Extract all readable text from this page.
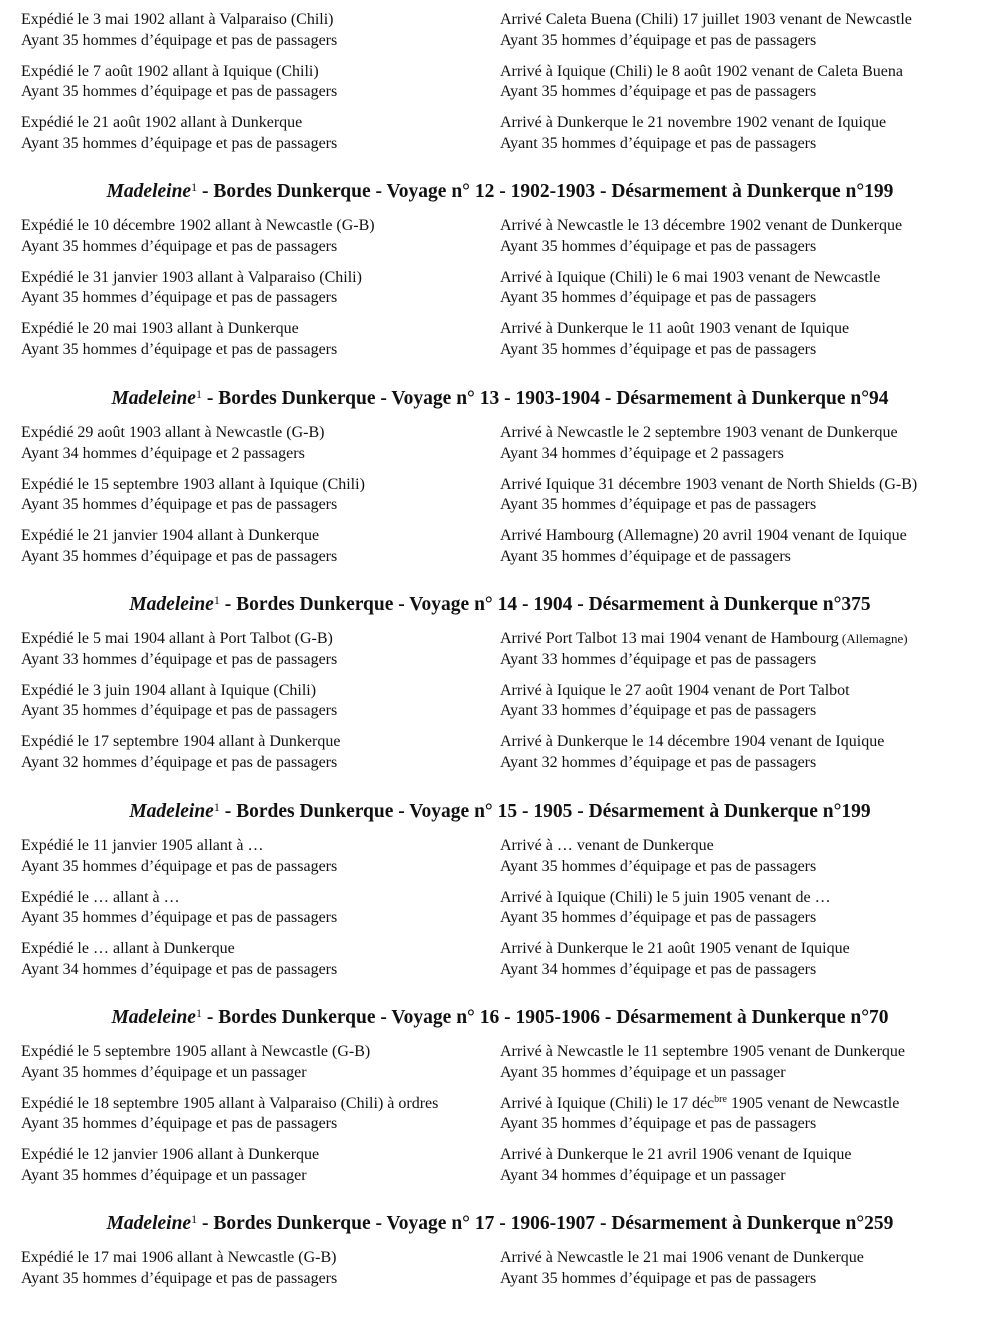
Expédié le 3 mai 1902 allant à Valparaiso (Chili)
Ayant 35 hommes d’équipage et pas de passagers
Arrivé Caleta Buena (Chili) 17 juillet 1903 venant de Newcastle
Ayant 35 hommes d’équipage et pas de passagers
Expédié le 7 août 1902 allant à Iquique (Chili)
Ayant 35 hommes d’équipage et pas de passagers
Arrivé à Iquique (Chili) le 8 août 1902 venant de Caleta Buena
Ayant 35 hommes d’équipage et pas de passagers
Expédié le 21 août 1902 allant à Dunkerque
Ayant 35 hommes d’équipage et pas de passagers
Arrivé à Dunkerque le 21 novembre 1902 venant de Iquique
Ayant 35 hommes d’équipage et pas de passagers
Madeleine$^1$ - Bordes Dunkerque - Voyage n° 12 - 1902-1903 - Désarmement à Dunkerque n°199
Expédié le 10 décembre 1902 allant à Newcastle (G-B)
Ayant 35 hommes d’équipage et pas de passagers
Arrivé à Newcastle le 13 décembre 1902 venant de Dunkerque
Ayant 35 hommes d’équipage et pas de passagers
Expédié le 31 janvier 1903 allant à Valparaiso (Chili)
Ayant 35 hommes d’équipage et pas de passagers
Arrivé à Iquique (Chili) le 6 mai 1903 venant de Newcastle
Ayant 35 hommes d’équipage et pas de passagers
Expédié le 20 mai 1903 allant à Dunkerque
Ayant 35 hommes d’équipage et pas de passagers
Arrivé à Dunkerque le 11 août 1903 venant de Iquique
Ayant 35 hommes d’équipage et pas de passagers
Madeleine$^1$ - Bordes Dunkerque - Voyage n° 13 - 1903-1904 - Désarmement à Dunkerque n°94
Expédié 29 août 1903 allant à Newcastle (G-B)
Ayant 34 hommes d’équipage et 2 passagers
Arrivé à Newcastle le 2 septembre 1903 venant de Dunkerque
Ayant 34 hommes d’équipage et 2 passagers
Expédié le 15 septembre 1903 allant à Iquique (Chili)
Ayant 35 hommes d’équipage et pas de passagers
Arrivé Iquique 31 décembre 1903 venant de North Shields (G-B)
Ayant 35 hommes d’équipage et pas de passagers
Expédié le 21 janvier 1904 allant à Dunkerque
Ayant 35 hommes d’équipage et pas de passagers
Arrivé Hambourg (Allemagne) 20 avril 1904 venant de Iquique
Ayant 35 hommes d’équipage et de passagers
Madeleine$^1$ - Bordes Dunkerque - Voyage n° 14 - 1904 - Désarmement à Dunkerque n°375
Expédié le 5 mai 1904 allant à Port Talbot (G-B)
Ayant 33 hommes d’équipage et pas de passagers
Arrivé Port Talbot 13 mai 1904 venant de Hambourg (Allemagne)
Ayant 33 hommes d’équipage et pas de passagers
Expédié le 3 juin 1904 allant à Iquique (Chili)
Ayant 35 hommes d’équipage et pas de passagers
Arrivé à Iquique le 27 août 1904 venant de Port Talbot
Ayant 33 hommes d’équipage et pas de passagers
Expédié le 17 septembre 1904 allant à Dunkerque
Ayant 32 hommes d’équipage et pas de passagers
Arrivé à Dunkerque le 14 décembre 1904 venant de Iquique
Ayant 32 hommes d’équipage et pas de passagers
Madeleine$^1$ - Bordes Dunkerque - Voyage n° 15 - 1905 - Désarmement à Dunkerque n°199
Expédié le 11 janvier 1905 allant à …
Ayant 35 hommes d’équipage et pas de passagers
Arrivé à … venant de Dunkerque
Ayant 35 hommes d’équipage et pas de passagers
Expédié le … allant à …
Ayant 35 hommes d’équipage et pas de passagers
Arrivé à Iquique (Chili) le 5 juin 1905 venant de …
Ayant 35 hommes d’équipage et pas de passagers
Expédié le … allant à Dunkerque
Ayant 34 hommes d’équipage et pas de passagers
Arrivé à Dunkerque le 21 août 1905 venant de Iquique
Ayant 34 hommes d’équipage et pas de passagers
Madeleine$^1$ - Bordes Dunkerque - Voyage n° 16 - 1905-1906 - Désarmement à Dunkerque n°70
Expédié le 5 septembre 1905 allant à Newcastle (G-B)
Ayant 35 hommes d’équipage et un passager
Arrivé à Newcastle le 11 septembre 1905 venant de Dunkerque
Ayant 35 hommes d’équipage et un passager
Expédié le 18 septembre 1905 allant à Valparaiso (Chili) à ordres
Ayant 35 hommes d’équipage et pas de passagers
Arrivé à Iquique (Chili) le 17 déc$^{bre}$ 1905 venant de Newcastle
Ayant 35 hommes d’équipage et pas de passagers
Expédié le 12 janvier 1906 allant à Dunkerque
Ayant 35 hommes d’équipage et un passager
Arrivé à Dunkerque le 21 avril 1906 venant de Iquique
Ayant 34 hommes d’équipage et un passager
Madeleine$^1$ - Bordes Dunkerque - Voyage n° 17 - 1906-1907 - Désarmement à Dunkerque n°259
Expédié le 17 mai 1906 allant à Newcastle (G-B)
Ayant 35 hommes d’équipage et pas de passagers
Arrivé à Newcastle le 21 mai 1906 venant de Dunkerque
Ayant 35 hommes d’équipage et pas de passagers
